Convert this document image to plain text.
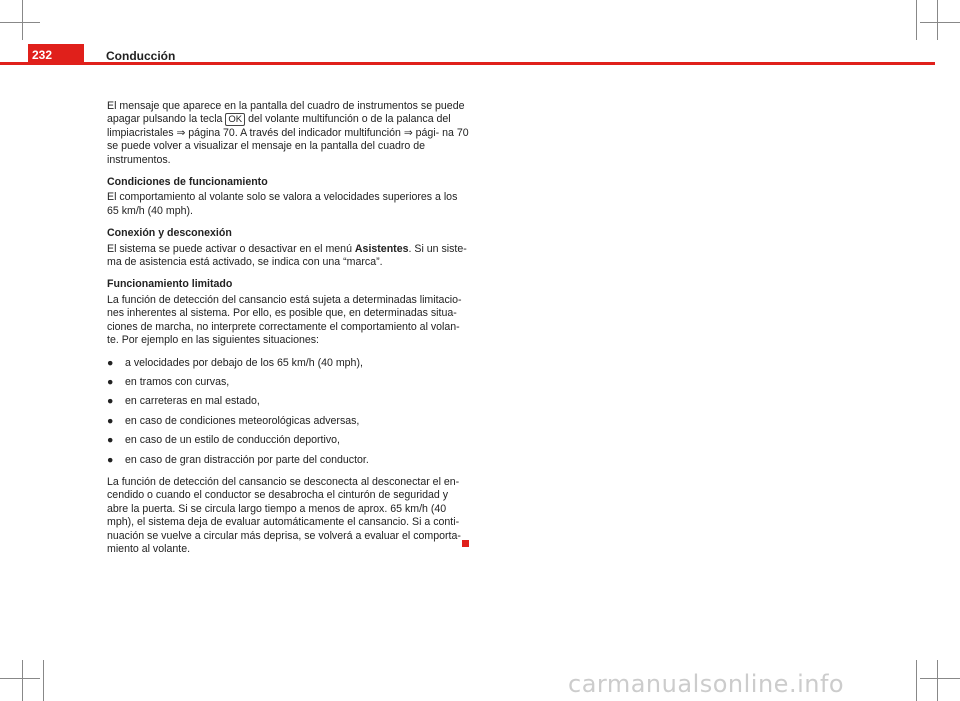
232	Conducción

El mensaje que aparece en la pantalla del cuadro de instrumentos se puede apagar pulsando la tecla OK del volante multifunción o de la palanca del limpiacristales ⇒ página 70. A través del indicador multifunción ⇒ pági- na 70 se puede volver a visualizar el mensaje en la pantalla del cuadro de instrumentos.

Condiciones de funcionamiento

El comportamiento al volante solo se valora a velocidades superiores a los 65 km/h (40 mph).

Conexión y desconexión

El sistema se puede activar o desactivar en el menú Asistentes. Si un siste- ma de asistencia está activado, se indica con una “marca”.

Funcionamiento limitado

La función de detección del cansancio está sujeta a determinadas limitacio- nes inherentes al sistema. Por ello, es posible que, en determinadas situa- ciones de marcha, no interprete correctamente el comportamiento al volan- te. Por ejemplo en las siguientes situaciones:

●	a velocidades por debajo de los 65 km/h (40 mph),
●	en tramos con curvas,
●	en carreteras en mal estado,
●	en caso de condiciones meteorológicas adversas,
●	en caso de un estilo de conducción deportivo,
●	en caso de gran distracción por parte del conductor.

La función de detección del cansancio se desconecta al desconectar el en- cendido o cuando el conductor se desabrocha el cinturón de seguridad y abre la puerta. Si se circula largo tiempo a menos de aprox. 65 km/h (40 mph), el sistema deja de evaluar automáticamente el cansancio. Si a conti- nuación se vuelve a circular más deprisa, se volverá a evaluar el comporta- miento al volante.

carmanualsonline.info
